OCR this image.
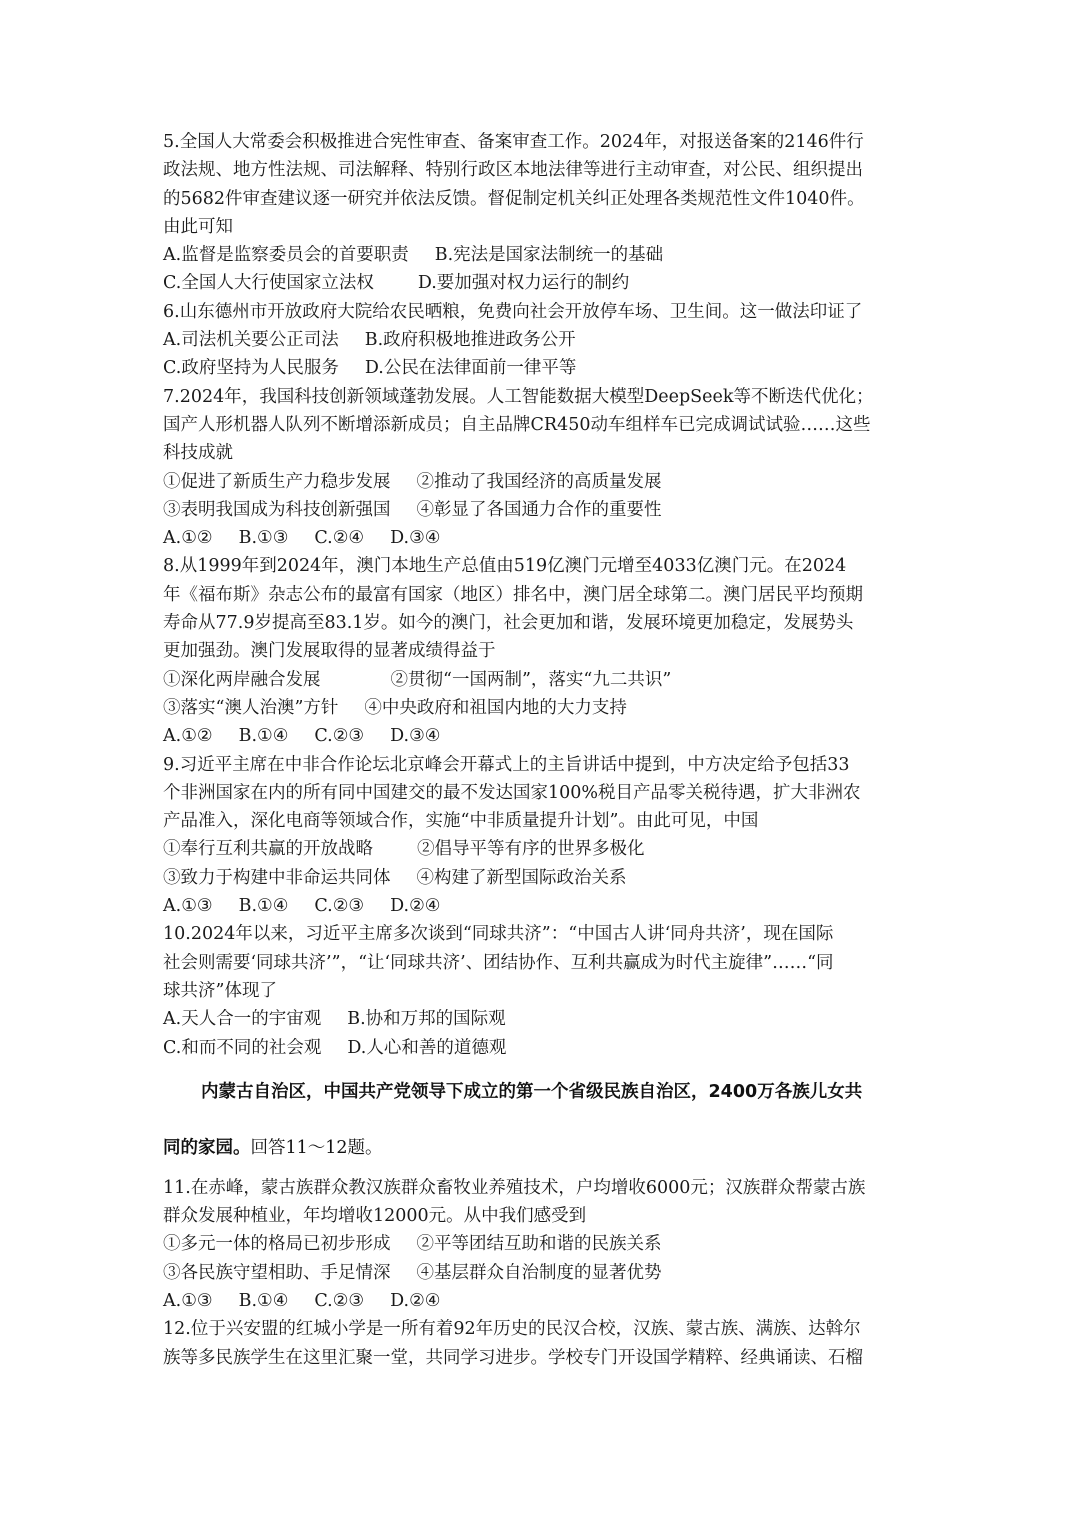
5.全国人大常委会积极推进合宪性审查、备案审查工作。2024年，对报送备案的2146件行
政法规、地方性法规、司法解释、特别行政区本地法律等进行主动审查，对公民、组织提出
的5682件审查建议逐一研究并依法反馈。督促制定机关纠正处理各类规范性文件1040件。
由此可知
A.监督是监察委员会的首要职责 B.宪法是国家法制统一的基础
C.全国人大行使国家立法权	D.要加强对权力运行的制约
6.山东德州市开放政府大院给农民晒粮，免费向社会开放停车场、卫生间。这一做法印证了
A.司法机关要公正司法 B.政府积极地推进政务公开
C.政府坚持为人民服务 D.公民在法律面前一律平等
7.2024年，我国科技创新领域蓬勃发展。人工智能数据大模型DeepSeek等不断迭代优化；
国产人形机器人队列不断增添新成员；自主品牌CR450动车组样车已完成调试试验……这些
科技成就
①促进了新质生产力稳步发展 ②推动了我国经济的高质量发展
③表明我国成为科技创新强国 ④彰显了各国通力合作的重要性
A.①② B.①③ C.②④ D.③④
8.从1999年到2024年，澳门本地生产总值由519亿澳门元增至4033亿澳门元。在2024
年《福布斯》杂志公布的最富有国家（地区）排名中，澳门居全球第二。澳门居民平均预期
寿命从77.9岁提高至83.1岁。如今的澳门，社会更加和谐，发展环境更加稳定，发展势头
更加强劲。澳门发展取得的显著成绩得益于
①深化两岸融合发展	②贯彻“一国两制”，落实“九二共识”
③落实“澳人治澳”方针 ④中央政府和祖国内地的大力支持
A.①② B.①④ C.②③ D.③④
9.习近平主席在中非合作论坛北京峰会开幕式上的主旨讲话中提到，中方决定给予包括33
个非洲国家在内的所有同中国建交的最不发达国家100%税目产品零关税待遇，扩大非洲农
产品准入，深化电商等领域合作，实施“中非质量提升计划”。由此可见，中国
①奉行互利共赢的开放战略	②倡导平等有序的世界多极化
③致力于构建中非命运共同体 ④构建了新型国际政治关系
A.①③ B.①④ C.②③ D.②④
10.2024年以来，习近平主席多次谈到“同球共济”：“中国古人讲‘同舟共济’，现在国际
社会则需要‘同球共济’”，“让‘同球共济’、团结协作、互利共赢成为时代主旋律”……“同
球共济”体现了
A.天人合一的宇宙观 B.协和万邦的国际观
C.和而不同的社会观 D.人心和善的道德观
内蒙古自治区，中国共产党领导下成立的第一个省级民族自治区，2400万各族儿女共
同的家园。回答11～12题。
11.在赤峰，蒙古族群众教汉族群众畜牧业养殖技术，户均增收6000元；汉族群众帮蒙古族
群众发展种植业，年均增收12000元。从中我们感受到
①多元一体的格局已初步形成 ②平等团结互助和谐的民族关系
③各民族守望相助、手足情深 ④基层群众自治制度的显著优势
A.①③ B.①④ C.②③ D.②④
12.位于兴安盟的红城小学是一所有着92年历史的民汉合校，汉族、蒙古族、满族、达斡尔
族等多民族学生在这里汇聚一堂，共同学习进步。学校专门开设国学精粹、经典诵读、石榴
